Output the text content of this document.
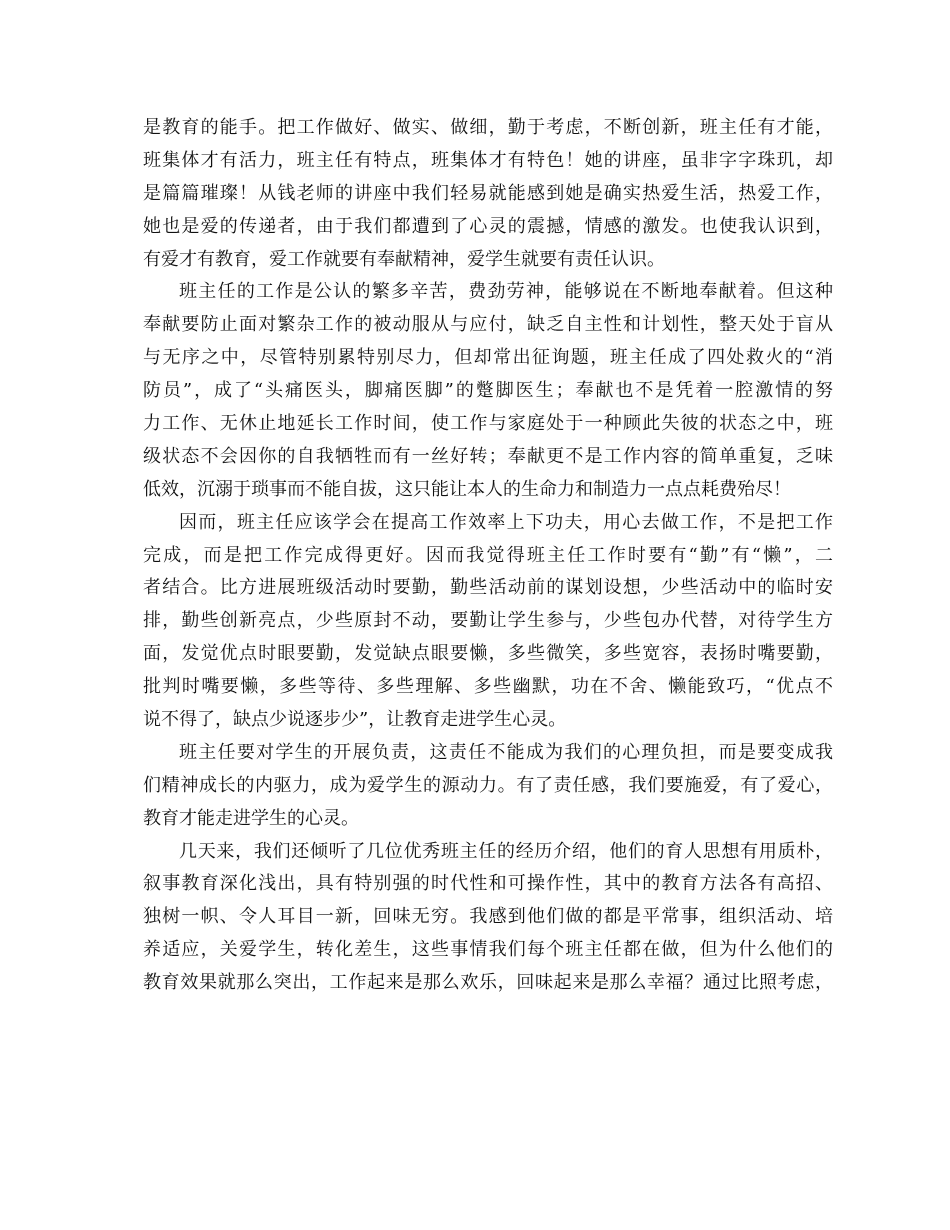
是教育的能手。把工作做好、做实、做细，勤于考虑，不断创新，班主任有才能，
班集体才有活力，班主任有特点，班集体才有特色！她的讲座，虽非字字珠玑，却
是篇篇璀璨！从钱老师的讲座中我们轻易就能感到她是确实热爱生活，热爱工作，
她也是爱的传递者，由于我们都遭到了心灵的震撼，情感的激发。也使我认识到，
有爱才有教育，爱工作就要有奉献精神，爱学生就要有责任认识。
班主任的工作是公认的繁多辛苦，费劲劳神，能够说在不断地奉献着。但这种
奉献要防止面对繁杂工作的被动服从与应付，缺乏自主性和计划性，整天处于盲从
与无序之中，尽管特别累特别尽力，但却常出征询题，班主任成了四处救火的“消
防员”，成了“头痛医头，脚痛医脚”的蹩脚医生；奉献也不是凭着一腔激情的努
力工作、无休止地延长工作时间，使工作与家庭处于一种顾此失彼的状态之中，班
级状态不会因你的自我牺牲而有一丝好转；奉献更不是工作内容的简单重复，乏味
低效，沉溺于琐事而不能自拔，这只能让本人的生命力和制造力一点点耗费殆尽！
因而，班主任应该学会在提高工作效率上下功夫，用心去做工作，不是把工作
完成，而是把工作完成得更好。因而我觉得班主任工作时要有“勤”有“懒”，二
者结合。比方进展班级活动时要勤，勤些活动前的谋划设想，少些活动中的临时安
排，勤些创新亮点，少些原封不动，要勤让学生参与，少些包办代替，对待学生方
面，发觉优点时眼要勤，发觉缺点眼要懒，多些微笑，多些宽容，表扬时嘴要勤，
批判时嘴要懒，多些等待、多些理解、多些幽默，功在不舍、懒能致巧，“优点不
说不得了，缺点少说逐步少”，让教育走进学生心灵。
班主任要对学生的开展负责，这责任不能成为我们的心理负担，而是要变成我
们精神成长的内驱力，成为爱学生的源动力。有了责任感，我们要施爱，有了爱心，
教育才能走进学生的心灵。
几天来，我们还倾听了几位优秀班主任的经历介绍，他们的育人思想有用质朴，
叙事教育深化浅出，具有特别强的时代性和可操作性，其中的教育方法各有高招、
独树一帜、令人耳目一新，回味无穷。我感到他们做的都是平常事，组织活动、培
养适应，关爱学生，转化差生，这些事情我们每个班主任都在做，但为什么他们的
教育效果就那么突出，工作起来是那么欢乐，回味起来是那么幸福？通过比照考虑，
